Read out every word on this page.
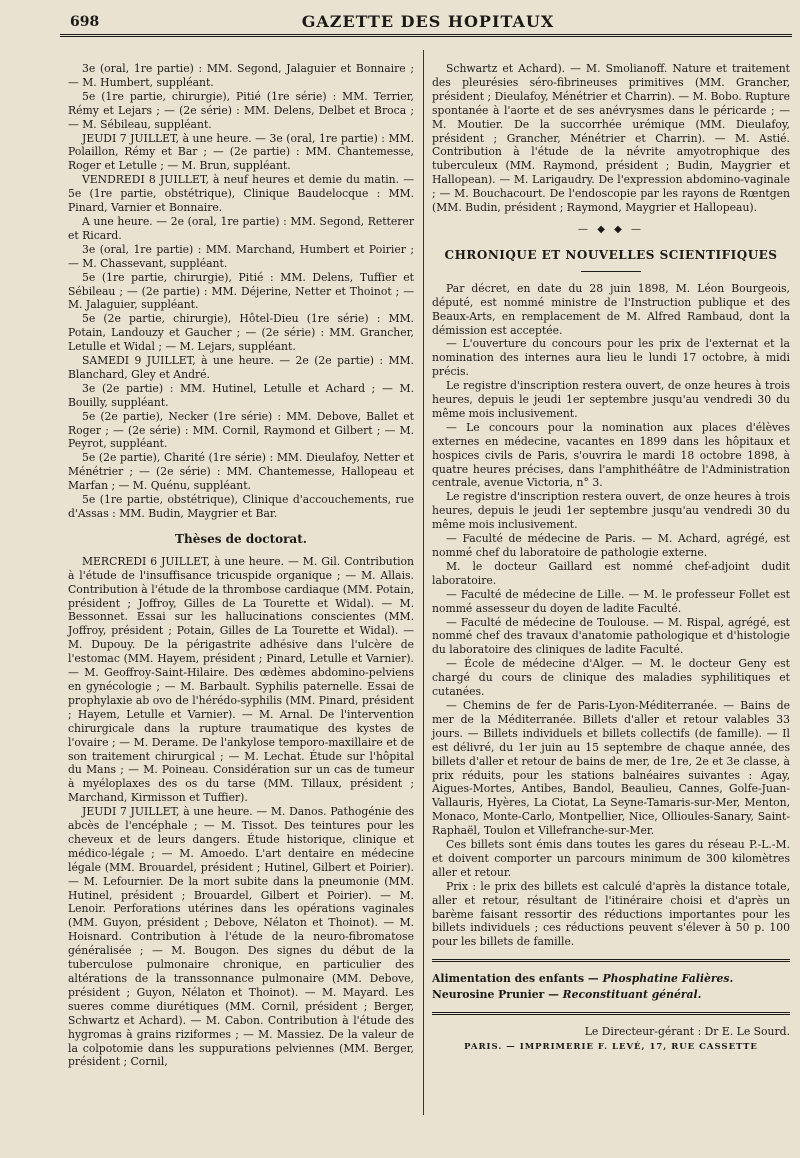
698	GAZETTE DES HOPITAUX

3e (oral, 1re partie) : MM. Segond, Jalaguier et Bonnaire ; — M. Humbert, suppléant.

5e (1re partie, chirurgie), Pitié (1re série) : MM. Terrier, Rémy et Lejars ; — (2e série) : MM. Delens, Delbet et Broca ; — M. Sébileau, suppléant.

JEUDI 7 JUILLET, à une heure. — 3e (oral, 1re partie) : MM. Polaillon, Rémy et Bar ; — (2e partie) : MM. Chantemesse, Roger et Letulle ; — M. Brun, suppléant.

VENDREDI 8 JUILLET, à neuf heures et demie du matin. — 5e (1re partie, obstétrique), Clinique Baudelocque : MM. Pinard, Varnier et Bonnaire.

A une heure. — 2e (oral, 1re partie) : MM. Segond, Retterer et Ricard.

3e (oral, 1re partie) : MM. Marchand, Humbert et Poirier ; — M. Chassevant, suppléant.

5e (1re partie, chirurgie), Pitié : MM. Delens, Tuffier et Sébileau ; — (2e partie) : MM. Déjerine, Netter et Thoinot ; — M. Jalaguier, suppléant.

5e (2e partie, chirurgie), Hôtel-Dieu (1re série) : MM. Potain, Landouzy et Gaucher ; — (2e série) : MM. Grancher, Letulle et Widal ; — M. Lejars, suppléant.

SAMEDI 9 JUILLET, à une heure. — 2e (2e partie) : MM. Blanchard, Gley et André.

3e (2e partie) : MM. Hutinel, Letulle et Achard ; — M. Bouilly, suppléant.

5e (2e partie), Necker (1re série) : MM. Debove, Ballet et Roger ; — (2e série) : MM. Cornil, Raymond et Gilbert ; — M. Peyrot, suppléant.

5e (2e partie), Charité (1re série) : MM. Dieulafoy, Netter et Ménétrier ; — (2e série) : MM. Chantemesse, Hallopeau et Marfan ; — M. Quénu, suppléant.

5e (1re partie, obstétrique), Clinique d'accouchements, rue d'Assas : MM. Budin, Maygrier et Bar.

Thèses de doctorat.

MERCREDI 6 JUILLET, à une heure. — M. Gil. Contribution à l'étude de l'insuffisance tricuspide organique ; — M. Allais. Contribution à l'étude de la thrombose cardiaque (MM. Potain, président ; Joffroy, Gilles de La Tourette et Widal). — M. Bessonnet. Essai sur les hallucinations conscientes (MM. Joffroy, président ; Potain, Gilles de La Tourette et Widal). — M. Dupouy. De la périgastrite adhésive dans l'ulcère de l'estomac (MM. Hayem, président ; Pinard, Letulle et Varnier). — M. Geoffroy-Saint-Hilaire. Des œdèmes abdomino-pelviens en gynécologie ; — M. Barbault. Syphilis paternelle. Essai de prophylaxie ab ovo de l'hérédo-syphilis (MM. Pinard, président ; Hayem, Letulle et Varnier). — M. Arnal. De l'intervention chirurgicale dans la rupture traumatique des kystes de l'ovaire ; — M. Derame. De l'ankylose temporo-maxillaire et de son traitement chirurgical ; — M. Lechat. Étude sur l'hôpital du Mans ; — M. Poineau. Considération sur un cas de tumeur à myéloplaxes des os du tarse (MM. Tillaux, président ; Marchand, Kirmisson et Tuffier).

JEUDI 7 JUILLET, à une heure. — M. Danos. Pathogénie des abcès de l'encéphale ; — M. Tissot. Des teintures pour les cheveux et de leurs dangers. Étude historique, clinique et médico-légale ; — M. Amoedo. L'art dentaire en médecine légale (MM. Brouardel, président ; Hutinel, Gilbert et Poirier). — M. Lefournier. De la mort subite dans la pneumonie (MM. Hutinel, président ; Brouardel, Gilbert et Poirier). — M. Lenoir. Perforations utérines dans les opérations vaginales (MM. Guyon, président ; Debove, Nélaton et Thoinot). — M. Hoisnard. Contribution à l'étude de la neuro-fibromatose généralisée ; — M. Bougon. Des signes du début de la tuberculose pulmonaire chronique, en particulier des altérations de la transsonnance pulmonaire (MM. Debove, président ; Guyon, Nélaton et Thoinot). — M. Mayard. Les sueres comme diurétiques (MM. Cornil, président ; Berger, Schwartz et Achard). — M. Cabon. Contribution à l'étude des hygromas à grains riziformes ; — M. Massiez. De la valeur de la colpotomie dans les suppurations pelviennes (MM. Berger, président ; Cornil,

Schwartz et Achard). — M. Smolianoff. Nature et traitement des pleurésies séro-fibrineuses primitives (MM. Grancher, président ; Dieulafoy, Ménétrier et Charrin). — M. Bobo. Rupture spontanée à l'aorte et de ses anévrysmes dans le péricarde ; — M. Moutier. De la succorrhée urémique (MM. Dieulafoy, président ; Grancher, Ménétrier et Charrin). — M. Astié. Contribution à l'étude de la névrite amyotrophique des tuberculeux (MM. Raymond, président ; Budin, Maygrier et Hallopean). — M. Larigaudry. De l'expression abdomino-vaginale ; — M. Bouchacourt. De l'endoscopie par les rayons de Rœntgen (MM. Budin, président ; Raymond, Maygrier et Hallopeau).

— ◆ ◆ —
CHRONIQUE ET NOUVELLES SCIENTIFIQUES

Par décret, en date du 28 juin 1898, M. Léon Bourgeois, député, est nommé ministre de l'Instruction publique et des Beaux-Arts, en remplacement de M. Alfred Rambaud, dont la démission est acceptée.

— L'ouverture du concours pour les prix de l'externat et la nomination des internes aura lieu le lundi 17 octobre, à midi précis.

Le registre d'inscription restera ouvert, de onze heures à trois heures, depuis le jeudi 1er septembre jusqu'au vendredi 30 du même mois inclusivement.

— Le concours pour la nomination aux places d'élèves externes en médecine, vacantes en 1899 dans les hôpitaux et hospices civils de Paris, s'ouvrira le mardi 18 octobre 1898, à quatre heures précises, dans l'amphithéâtre de l'Administration centrale, avenue Victoria, n° 3.

Le registre d'inscription restera ouvert, de onze heures à trois heures, depuis le jeudi 1er septembre jusqu'au vendredi 30 du même mois inclusivement.

— Faculté de médecine de Paris. — M. Achard, agrégé, est nommé chef du laboratoire de pathologie externe.

M. le docteur Gaillard est nommé chef-adjoint dudit laboratoire.

— Faculté de médecine de Lille. — M. le professeur Follet est nommé assesseur du doyen de ladite Faculté.

— Faculté de médecine de Toulouse. — M. Rispal, agrégé, est nommé chef des travaux d'anatomie pathologique et d'histologie du laboratoire des cliniques de ladite Faculté.

— École de médecine d'Alger. — M. le docteur Geny est chargé du cours de clinique des maladies syphilitiques et cutanées.

— Chemins de fer de Paris-Lyon-Méditerranée. — Bains de mer de la Méditerranée. Billets d'aller et retour valables 33 jours. — Billets individuels et billets collectifs (de famille). — Il est délivré, du 1er juin au 15 septembre de chaque année, des billets d'aller et retour de bains de mer, de 1re, 2e et 3e classe, à prix réduits, pour les stations balnéaires suivantes : Agay, Aigues-Mortes, Antibes, Bandol, Beaulieu, Cannes, Golfe-Juan-Vallauris, Hyères, La Ciotat, La Seyne-Tamaris-sur-Mer, Menton, Monaco, Monte-Carlo, Montpellier, Nice, Ollioules-Sanary, Saint-Raphaël, Toulon et Villefranche-sur-Mer.

Ces billets sont émis dans toutes les gares du réseau P.-L.-M. et doivent comporter un parcours minimum de 300 kilomètres aller et retour.

Prix : le prix des billets est calculé d'après la distance totale, aller et retour, résultant de l'itinéraire choisi et d'après un barème faisant ressortir des réductions importantes pour les billets individuels ; ces réductions peuvent s'élever à 50 p. 100 pour les billets de famille.

Alimentation des enfants — Phosphatine Falières.

Neurosine Prunier — Reconstituant général.

Le Directeur-gérant : Dr E. Le Sourd.

PARIS. — IMPRIMERIE F. LEVÉ, 17, RUE CASSETTE
